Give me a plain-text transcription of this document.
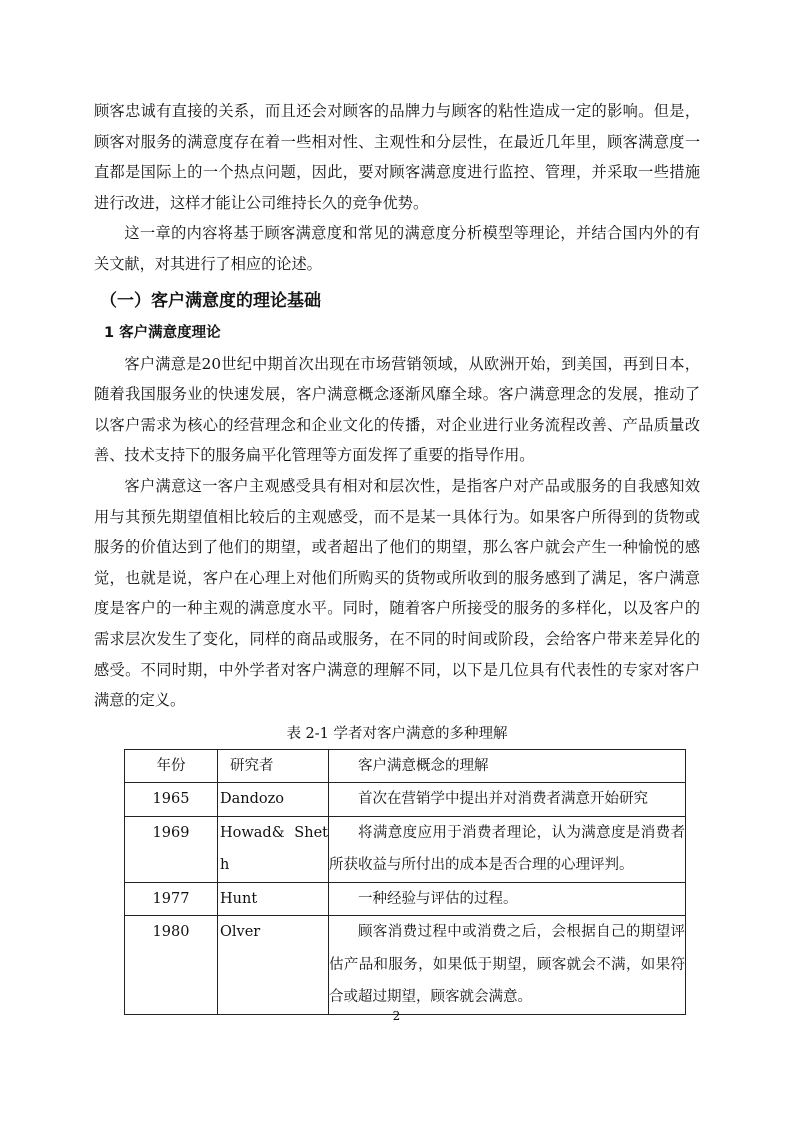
顾客忠诚有直接的关系，而且还会对顾客的品牌力与顾客的粘性造成一定的影响。但是，顾客对服务的满意度存在着一些相对性、主观性和分层性，在最近几年里，顾客满意度一直都是国际上的一个热点问题，因此，要对顾客满意度进行监控、管理，并采取一些措施进行改进，这样才能让公司维持长久的竞争优势。

这一章的内容将基于顾客满意度和常见的满意度分析模型等理论，并结合国内外的有关文献，对其进行了相应的论述。

（一）客户满意度的理论基础
1 客户满意度理论

客户满意是20世纪中期首次出现在市场营销领域，从欧洲开始，到美国，再到日本，随着我国服务业的快速发展，客户满意概念逐渐风靡全球。客户满意理念的发展，推动了以客户需求为核心的经营理念和企业文化的传播，对企业进行业务流程改善、产品质量改善、技术支持下的服务扁平化管理等方面发挥了重要的指导作用。

客户满意这一客户主观感受具有相对和层次性，是指客户对产品或服务的自我感知效用与其预先期望值相比较后的主观感受，而不是某一具体行为。如果客户所得到的货物或服务的价值达到了他们的期望，或者超出了他们的期望，那么客户就会产生一种愉悦的感觉，也就是说，客户在心理上对他们所购买的货物或所收到的服务感到了满足，客户满意度是客户的一种主观的满意度水平。同时，随着客户所接受的服务的多样化，以及客户的需求层次发生了变化，同样的商品或服务，在不同的时间或阶段，会给客户带来差异化的感受。不同时期，中外学者对客户满意的理解不同，以下是几位具有代表性的专家对客户满意的定义。

表 2-1 学者对客户满意的多种理解
年份	研究者	客户满意概念的理解

1965	Dandozo	首次在营销学中提出并对消费者满意开始研究

1969	Howad& Sheth	将满意度应用于消费者理论，认为满意度是消费者所获收益与所付出的成本是否合理的心理评判。

1977	Hunt	一种经验与评估的过程。

1980	Olver	顾客消费过程中或消费之后，会根据自己的期望评估产品和服务，如果低于期望，顾客就会不满，如果符合或超过期望，顾客就会满意。
2
